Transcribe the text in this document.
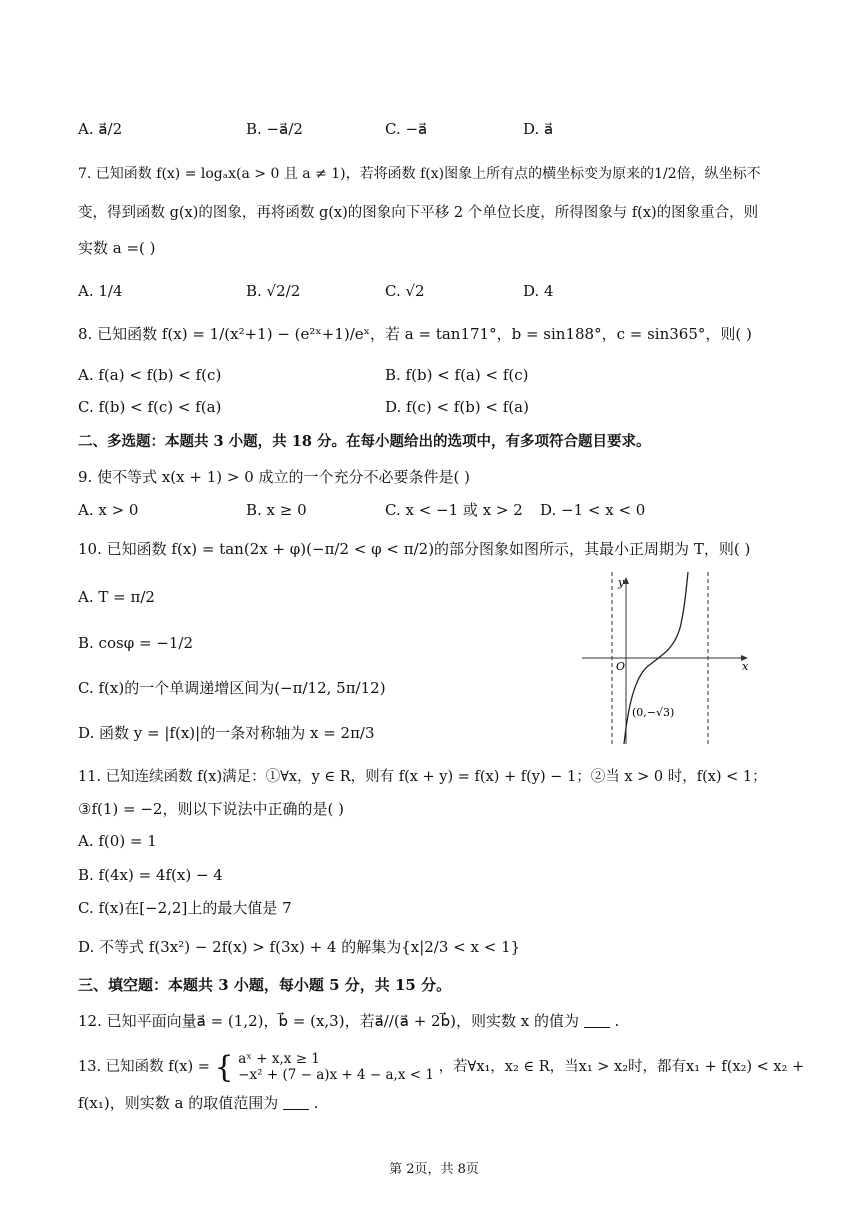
A. a⃗/2	B. −a⃗/2	C. −a⃗	D. a⃗
7. 已知函数 f(x) = logₐx(a > 0 且 a ≠ 1)，若将函数 f(x)图象上所有点的横坐标变为原来的1/2倍，纵坐标不
变，得到函数 g(x)的图象，再将函数 g(x)的图象向下平移 2 个单位长度，所得图象与 f(x)的图象重合，则
实数 a =( )
A. 1/4	B. √2/2	C. √2	D. 4
8. 已知函数 f(x) = 1/(x²+1) − (e²ˣ+1)/eˣ，若 a = tan171°，b = sin188°，c = sin365°，则( )
A. f(a) < f(b) < f(c)	B. f(b) < f(a) < f(c)
C. f(b) < f(c) < f(a)	D. f(c) < f(b) < f(a)
二、多选题：本题共 3 小题，共 18 分。在每小题给出的选项中，有多项符合题目要求。
9. 使不等式 x(x + 1) > 0 成立的一个充分不必要条件是( )
A. x > 0	B. x ≥ 0	C. x < −1 或 x > 2 D. −1 < x < 0
10. 已知函数 f(x) = tan(2x + φ)(−π/2 < φ < π/2)的部分图象如图所示，其最小正周期为 T，则( )
A. T = π/2
B. cosφ = −1/2
C. f(x)的一个单调递增区间为(−π/12, 5π/12)
D. 函数 y = |f(x)|的一条对称轴为 x = 2π/3
y
x
O
(0,−√3)
11. 已知连续函数 f(x)满足：①∀x，y ∈ R，则有 f(x + y) = f(x) + f(y) − 1；②当 x > 0 时，f(x) < 1；
③f(1) = −2，则以下说法中正确的是( )
A. f(0) = 1
B. f(4x) = 4f(x) − 4
C. f(x)在[−2,2]上的最大值是 7
D. 不等式 f(3x²) − 2f(x) > f(3x) + 4 的解集为{x|2/3 < x < 1}
三、填空题：本题共 3 小题，每小题 5 分，共 15 分。
12. 已知平面向量a⃗ = (1,2)，b⃗ = (x,3)，若a⃗//(a⃗ + 2b⃗)，则实数 x 的值为 .
13. 已知函数 f(x) = { aˣ + x,x ≥ 1
−x² + (7 − a)x + 4 − a,x < 1 ，若∀x₁，x₂ ∈ R，当x₁ > x₂时，都有x₁ + f(x₂) < x₂ +
f(x₁)，则实数 a 的取值范围为 .
第 2页，共 8页
